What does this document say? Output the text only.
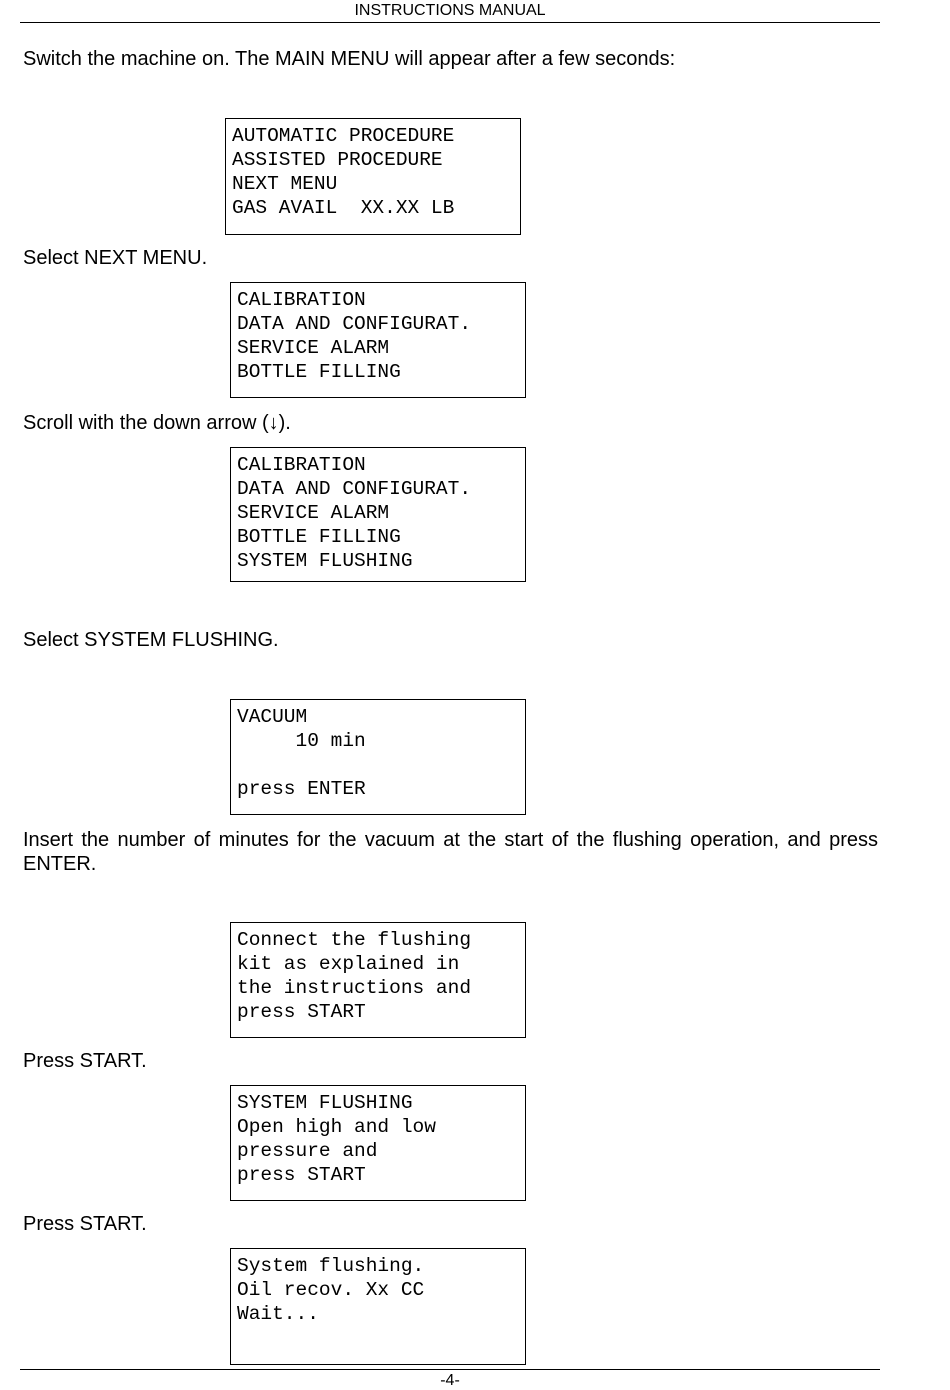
INSTRUCTIONS MANUAL

Switch the machine on. The MAIN MENU will appear after a few seconds:

AUTOMATIC PROCEDURE
ASSISTED PROCEDURE
NEXT MENU
GAS AVAIL  XX.XX LB

Select NEXT MENU.

CALIBRATION
DATA AND CONFIGURAT.
SERVICE ALARM
BOTTLE FILLING

Scroll with the down arrow (↓).

CALIBRATION
DATA AND CONFIGURAT.
SERVICE ALARM
BOTTLE FILLING
SYSTEM FLUSHING

Select SYSTEM FLUSHING.

VACUUM
10 min
press ENTER

Insert the number of minutes for the vacuum at the start of the flushing operation, and press ENTER.

Connect the flushing
kit as explained in
the instructions and
press START

Press START.

SYSTEM FLUSHING
Open high and low
pressure and
press START

Press START.

System flushing.
Oil recov. Xx CC
Wait...
-4-
